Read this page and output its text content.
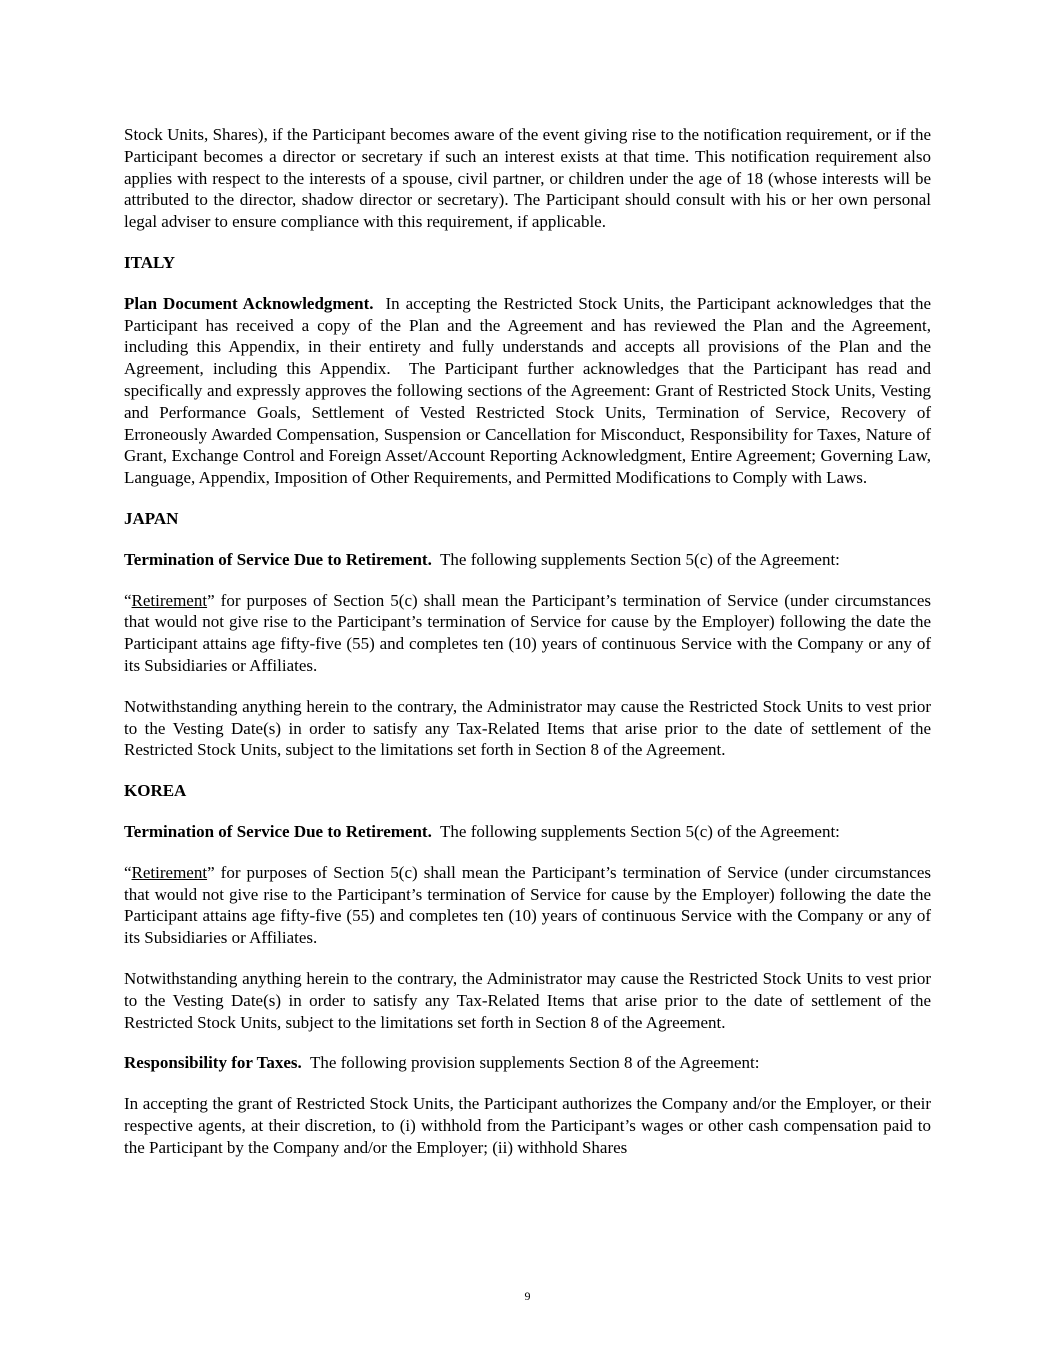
Stock Units, Shares), if the Participant becomes aware of the event giving rise to the notification requirement, or if the Participant becomes a director or secretary if such an interest exists at that time. This notification requirement also applies with respect to the interests of a spouse, civil partner, or children under the age of 18 (whose interests will be attributed to the director, shadow director or secretary). The Participant should consult with his or her own personal legal adviser to ensure compliance with this requirement, if applicable.

ITALY

Plan Document Acknowledgment.  In accepting the Restricted Stock Units, the Participant acknowledges that the Participant has received a copy of the Plan and the Agreement and has reviewed the Plan and the Agreement, including this Appendix, in their entirety and fully understands and accepts all provisions of the Plan and the Agreement, including this Appendix.  The Participant further acknowledges that the Participant has read and specifically and expressly approves the following sections of the Agreement: Grant of Restricted Stock Units, Vesting and Performance Goals, Settlement of Vested Restricted Stock Units, Termination of Service, Recovery of Erroneously Awarded Compensation, Suspension or Cancellation for Misconduct, Responsibility for Taxes, Nature of Grant, Exchange Control and Foreign Asset/Account Reporting Acknowledgment, Entire Agreement; Governing Law, Language, Appendix, Imposition of Other Requirements, and Permitted Modifications to Comply with Laws.

JAPAN

Termination of Service Due to Retirement.  The following supplements Section 5(c) of the Agreement:

“Retirement” for purposes of Section 5(c) shall mean the Participant’s termination of Service (under circumstances that would not give rise to the Participant’s termination of Service for cause by the Employer) following the date the Participant attains age fifty-five (55) and completes ten (10) years of continuous Service with the Company or any of its Subsidiaries or Affiliates.

Notwithstanding anything herein to the contrary, the Administrator may cause the Restricted Stock Units to vest prior to the Vesting Date(s) in order to satisfy any Tax-Related Items that arise prior to the date of settlement of the Restricted Stock Units, subject to the limitations set forth in Section 8 of the Agreement.

KOREA

Termination of Service Due to Retirement.  The following supplements Section 5(c) of the Agreement:

“Retirement” for purposes of Section 5(c) shall mean the Participant’s termination of Service (under circumstances that would not give rise to the Participant’s termination of Service for cause by the Employer) following the date the Participant attains age fifty-five (55) and completes ten (10) years of continuous Service with the Company or any of its Subsidiaries or Affiliates.

Notwithstanding anything herein to the contrary, the Administrator may cause the Restricted Stock Units to vest prior to the Vesting Date(s) in order to satisfy any Tax-Related Items that arise prior to the date of settlement of the Restricted Stock Units, subject to the limitations set forth in Section 8 of the Agreement.

Responsibility for Taxes.  The following provision supplements Section 8 of the Agreement:

In accepting the grant of Restricted Stock Units, the Participant authorizes the Company and/or the Employer, or their respective agents, at their discretion, to (i) withhold from the Participant’s wages or other cash compensation paid to the Participant by the Company and/or the Employer; (ii) withhold Shares

9
